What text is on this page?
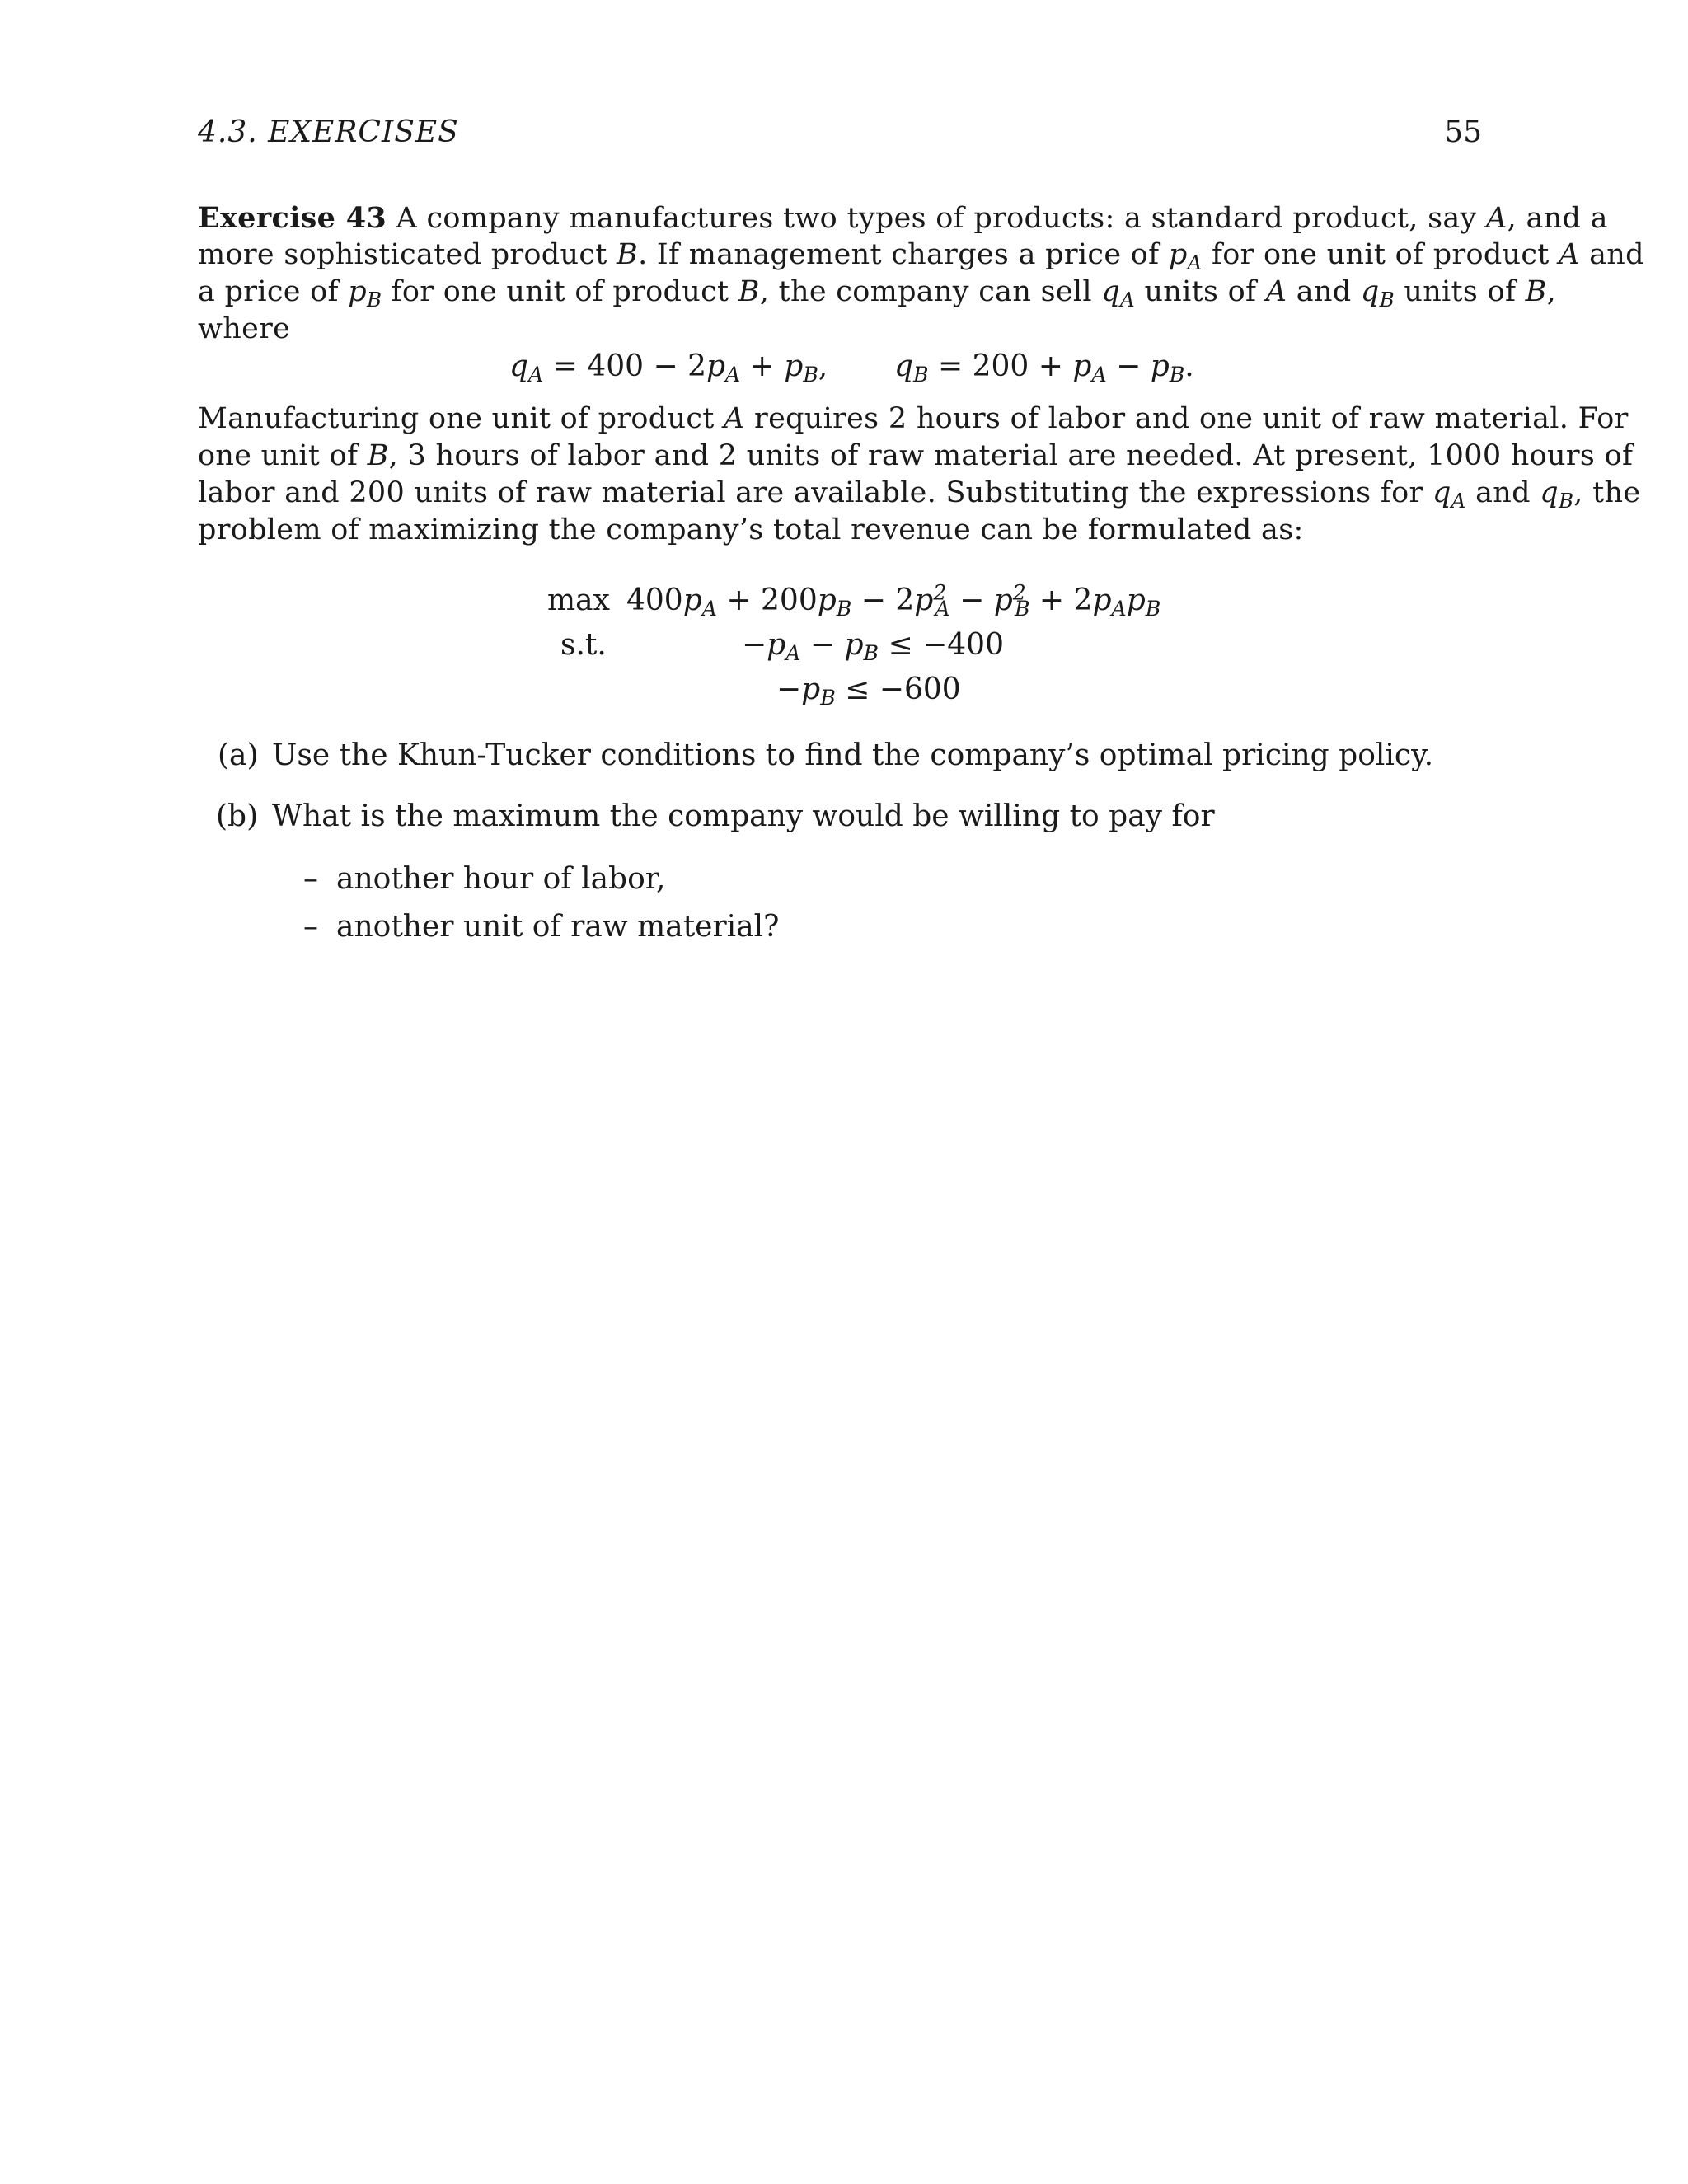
4.3. EXERCISES	55
Exercise 43 A company manufactures two types of products: a standard product, say A, and a
more sophisticated product B. If management charges a price of $p_A$ for one unit of product A and
a price of $p_B$ for one unit of product B, the company can sell $q_A$ units of A and $q_B$ units of B,
where
$q_A = 400 - 2p_A + p_B$, $q_B = 200 + p_A - p_B$.
Manufacturing one unit of product A requires 2 hours of labor and one unit of raw material. For
one unit of B, 3 hours of labor and 2 units of raw material are needed. At present, 1000 hours of
labor and 200 units of raw material are available. Substituting the expressions for $q_A$ and $q_B$, the
problem of maximizing the company’s total revenue can be formulated as:
$\max 400p_A + 200p_B - 2p^2_A - p^2_B + 2p_Ap_B$
s.t.	$-p_A - p_B \le -400$
$-p_B \le -600$
(a) Use the Khun-Tucker conditions to find the company’s optimal pricing policy.
(b) What is the maximum the company would be willing to pay for
– another hour of labor,
– another unit of raw material?
